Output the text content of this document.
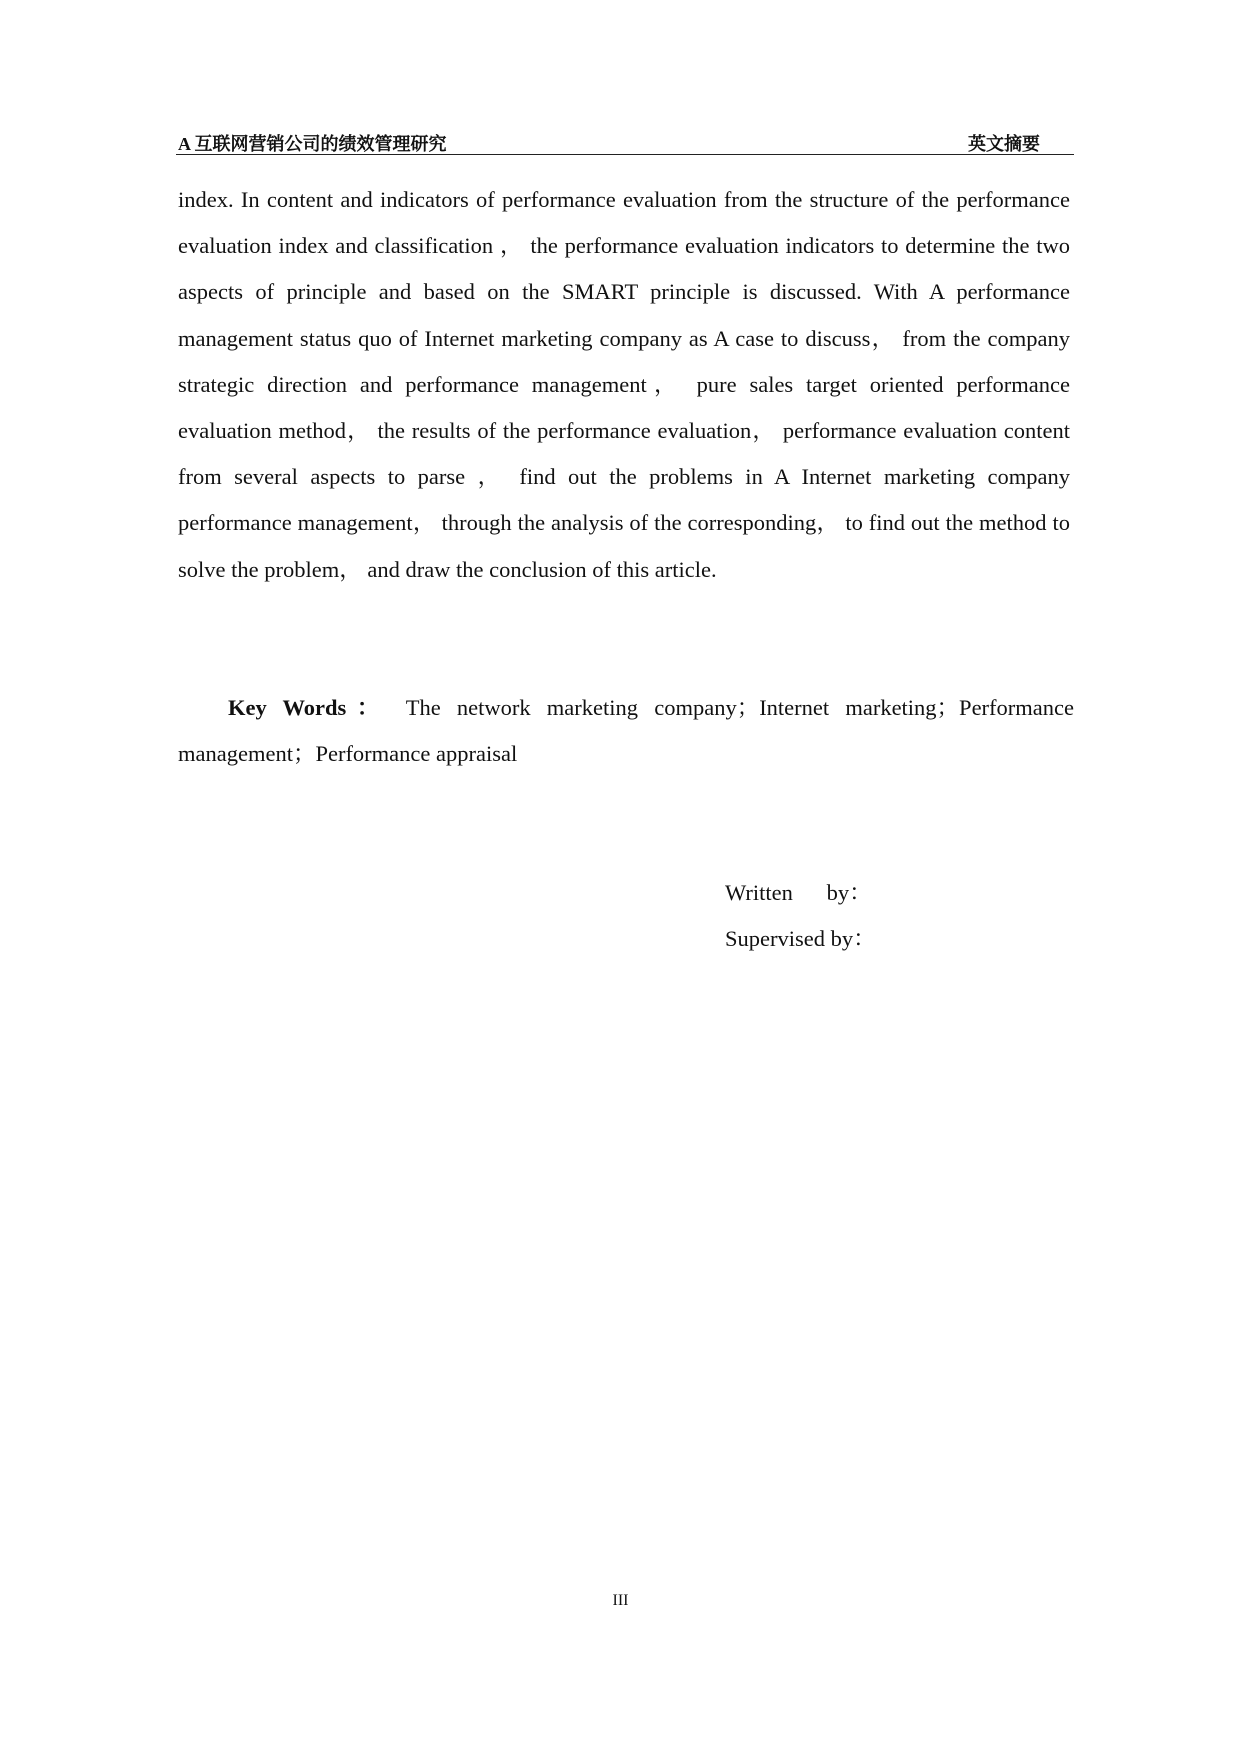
A 互联网营销公司的绩效管理研究	英文摘要

index. In content and indicators of performance evaluation from the structure of the performance evaluation index and classification ， the performance evaluation indicators to determine the two aspects of principle and based on the SMART principle is discussed. With A performance management status quo of Internet marketing company as A case to discuss， from the company strategic direction and performance management， pure sales target oriented performance evaluation method， the results of the performance evaluation， performance evaluation content from several aspects to parse ， find out the problems in A Internet marketing company performance management， through the analysis of the corresponding， to find out the method to solve the problem， and draw the conclusion of this article.

Key Words： The network marketing company；Internet marketing；Performance management；Performance appraisal

Written      by：
Supervised by：
III
